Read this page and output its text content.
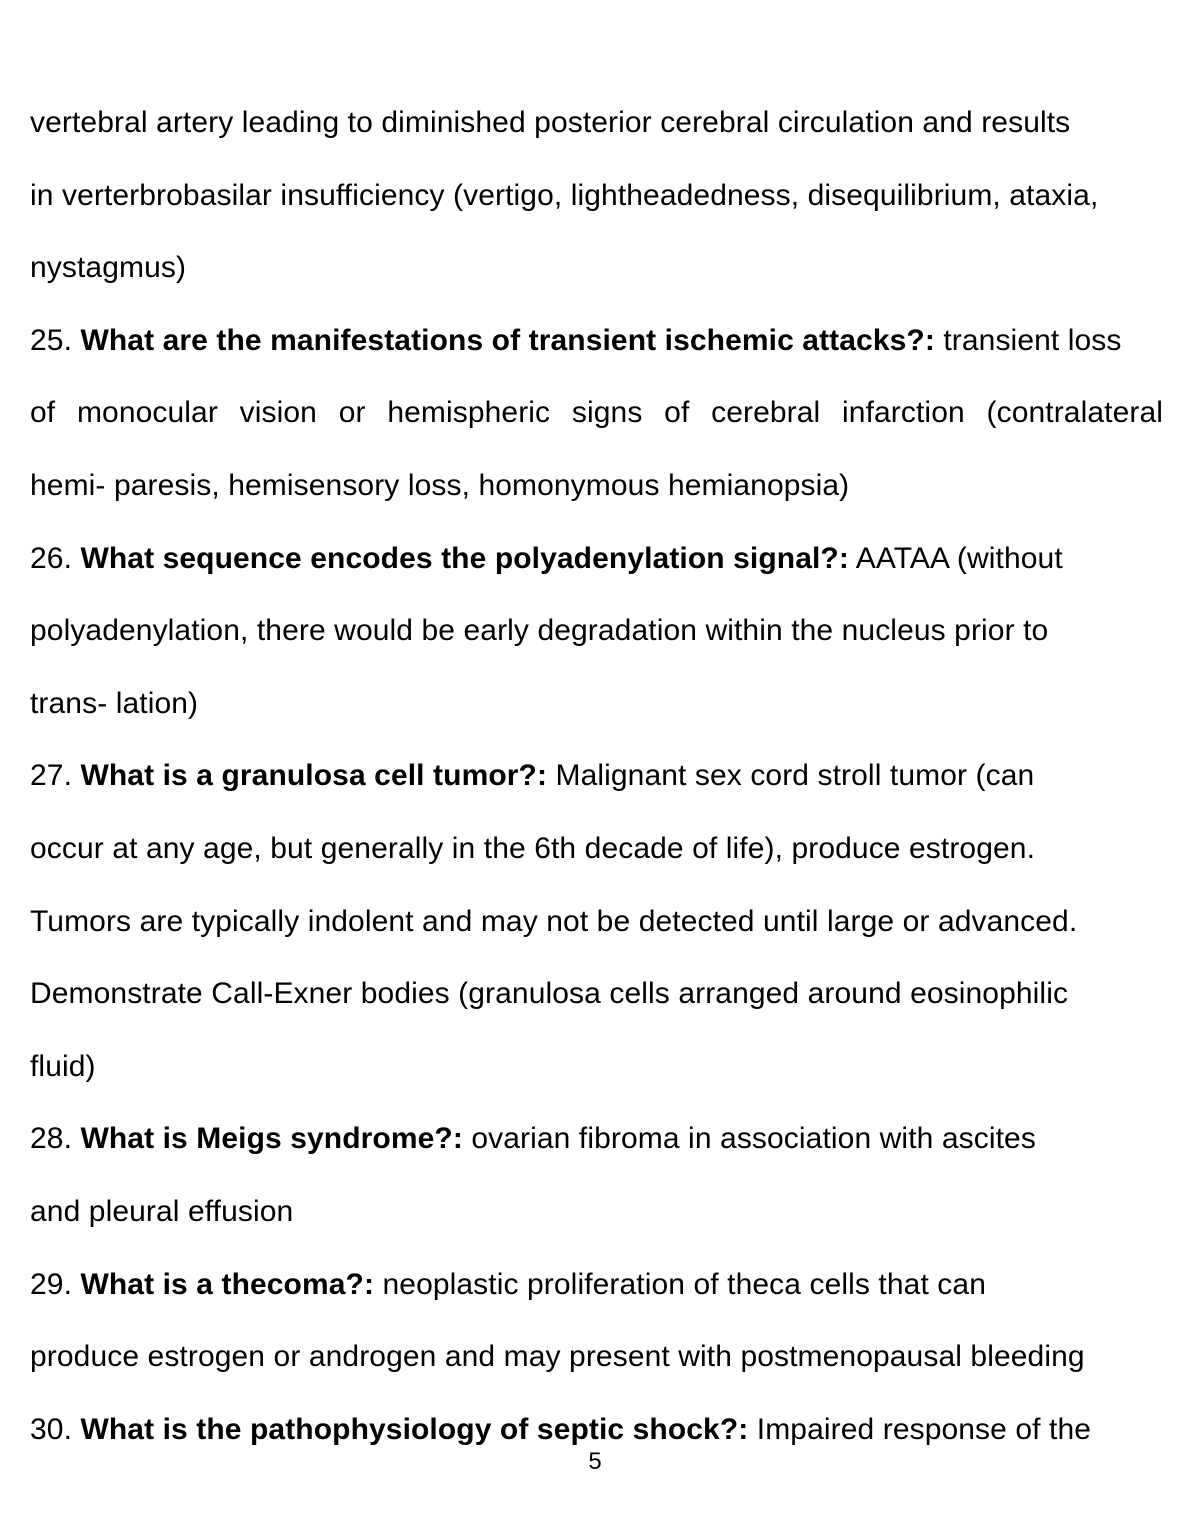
vertebral artery leading to diminished posterior cerebral circulation and results
in verterbrobasilar insufficiency (vertigo, lightheadedness, disequilibrium, ataxia,
nystagmus)
25. What are the manifestations of transient ischemic attacks?: transient loss
of monocular vision or hemispheric signs of cerebral infarction (contralateral
hemi- paresis, hemisensory loss, homonymous hemianopsia)
26. What sequence encodes the polyadenylation signal?: AATAA (without
polyadenylation, there would be early degradation within the nucleus prior to
trans- lation)
27. What is a granulosa cell tumor?: Malignant sex cord stroll tumor (can
occur at any age, but generally in the 6th decade of life), produce estrogen.
Tumors are typically indolent and may not be detected until large or advanced.
Demonstrate Call-Exner bodies (granulosa cells arranged around eosinophilic
fluid)
28. What is Meigs syndrome?: ovarian fibroma in association with ascites
and pleural effusion
29. What is a thecoma?: neoplastic proliferation of theca cells that can
produce estrogen or androgen and may present with postmenopausal bleeding
30. What is the pathophysiology of septic shock?: Impaired response of the
5
